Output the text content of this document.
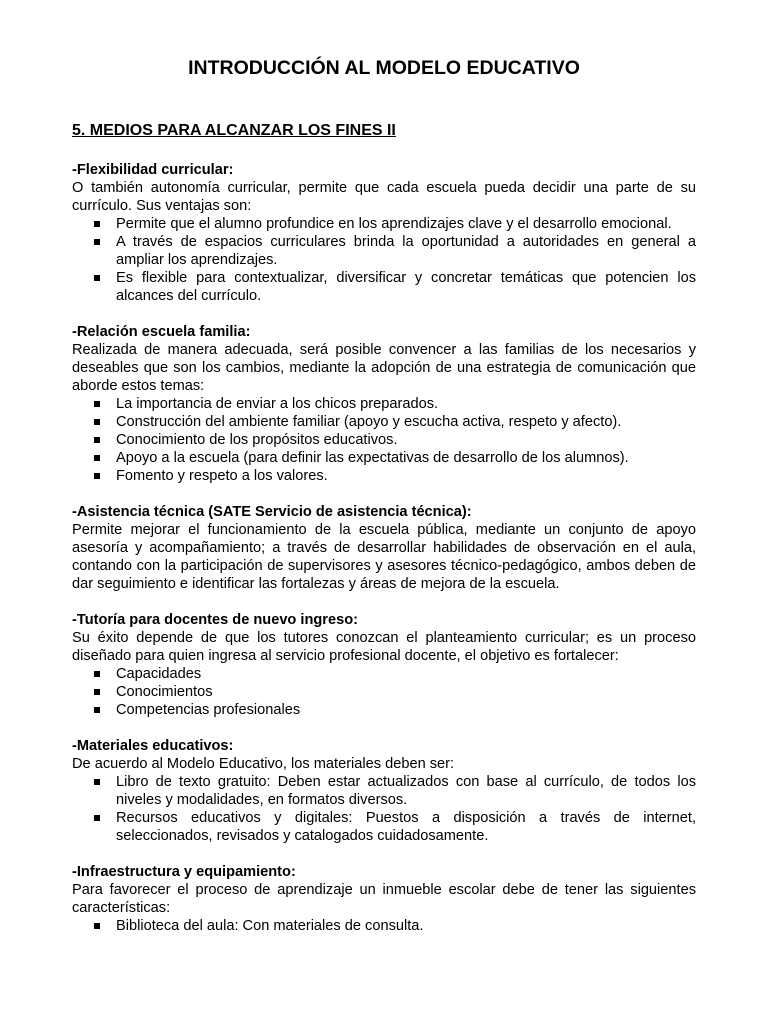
INTRODUCCIÓN AL MODELO EDUCATIVO
5. MEDIOS PARA ALCANZAR LOS FINES II

-Flexibilidad curricular:

O también autonomía curricular, permite que cada escuela pueda decidir una parte de su currículo. Sus ventajas son:

Permite que el alumno profundice en los aprendizajes clave y el desarrollo emocional.
A través de espacios curriculares brinda la oportunidad a autoridades en general a ampliar los aprendizajes.
Es flexible para contextualizar, diversificar y concretar temáticas que potencien los alcances del currículo.

-Relación escuela familia:

Realizada de manera adecuada, será posible convencer a las familias de los necesarios y deseables que son los cambios, mediante la adopción de una estrategia de comunicación que aborde estos temas:

La importancia de enviar a los chicos preparados.
Construcción del ambiente familiar (apoyo y escucha activa, respeto y afecto).
Conocimiento de los propósitos educativos.
Apoyo a la escuela (para definir las expectativas de desarrollo de los alumnos).
Fomento y respeto a los valores.

-Asistencia técnica (SATE Servicio de asistencia técnica):

Permite mejorar el funcionamiento de la escuela pública, mediante un conjunto de apoyo asesoría y acompañamiento; a través de desarrollar habilidades de observación en el aula, contando con la participación de supervisores y asesores técnico-pedagógico, ambos deben de dar seguimiento e identificar las fortalezas y áreas de mejora de la escuela.

-Tutoría para docentes de nuevo ingreso:

Su éxito depende de que los tutores conozcan el planteamiento curricular; es un proceso diseñado para quien ingresa al servicio profesional docente, el objetivo es fortalecer:

Capacidades
Conocimientos
Competencias profesionales

-Materiales educativos:

De acuerdo al Modelo Educativo, los materiales deben ser:

Libro de texto gratuito: Deben estar actualizados con base al currículo, de todos los niveles y modalidades, en formatos diversos.
Recursos educativos y digitales: Puestos a disposición a través de internet, seleccionados, revisados y catalogados cuidadosamente.

-Infraestructura y equipamiento:

Para favorecer el proceso de aprendizaje un inmueble escolar debe de tener las siguientes características:

Biblioteca del aula: Con materiales de consulta.
